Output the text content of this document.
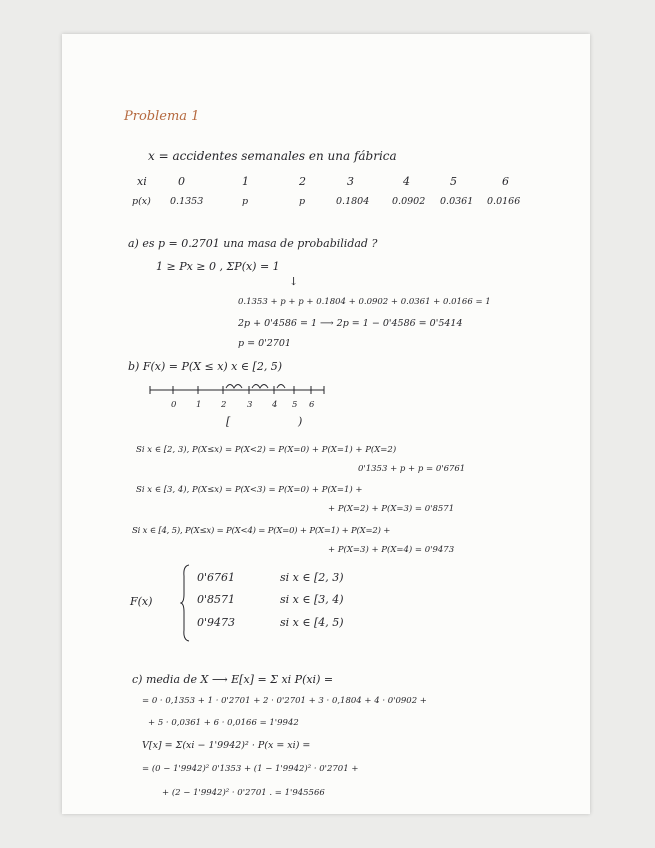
Problema 1
x = accidentes semanales en una fábrica
xi	0	1	2	3	4	5	6
p(x) 0.1353	p	p	0.1804 0.0902 0.0361 0.0166
a) es p = 0.2701 una masa de probabilidad ?
1 ≥ Px ≥ 0 , ΣP(x) = 1
↓
0.1353 + p + p + 0.1804 + 0.0902 + 0.0361 + 0.0166 = 1
2p + 0'4586 = 1 ⟶ 2p = 1 − 0'4586 = 0'5414
p = 0'2701
b) F(x) = P(X ≤ x) x ∈ [2, 5)
0 1 2 3 4 5 6
[	)
Si x ∈ [2, 3), P(X≤x) = P(X<2) = P(X=0) + P(X=1) + P(X=2)
0'1353 + p + p = 0'6761
Si x ∈ [3, 4), P(X≤x) = P(X<3) = P(X=0) + P(X=1) +
+ P(X=2) + P(X=3) = 0'8571
Si x ∈ [4, 5), P(X≤x) = P(X<4) = P(X=0) + P(X=1) + P(X=2) +
+ P(X=3) + P(X=4) = 0'9473
F(x)
0'6761	si x ∈ [2, 3)
0'8571	si x ∈ [3, 4)
0'9473	si x ∈ [4, 5)
c) media de X ⟶ E[x] = Σ xi P(xi) =
= 0 · 0,1353 + 1 · 0'2701 + 2 · 0'2701 + 3 · 0,1804 + 4 · 0'0902 +
+ 5 · 0,0361 + 6 · 0,0166 = 1'9942
V[x] = Σ(xi − 1'9942)² · P(x = xi) =
= (0 − 1'9942)² 0'1353 + (1 − 1'9942)² · 0'2701 +
+ (2 − 1'9942)² · 0'2701 . = 1'945566
